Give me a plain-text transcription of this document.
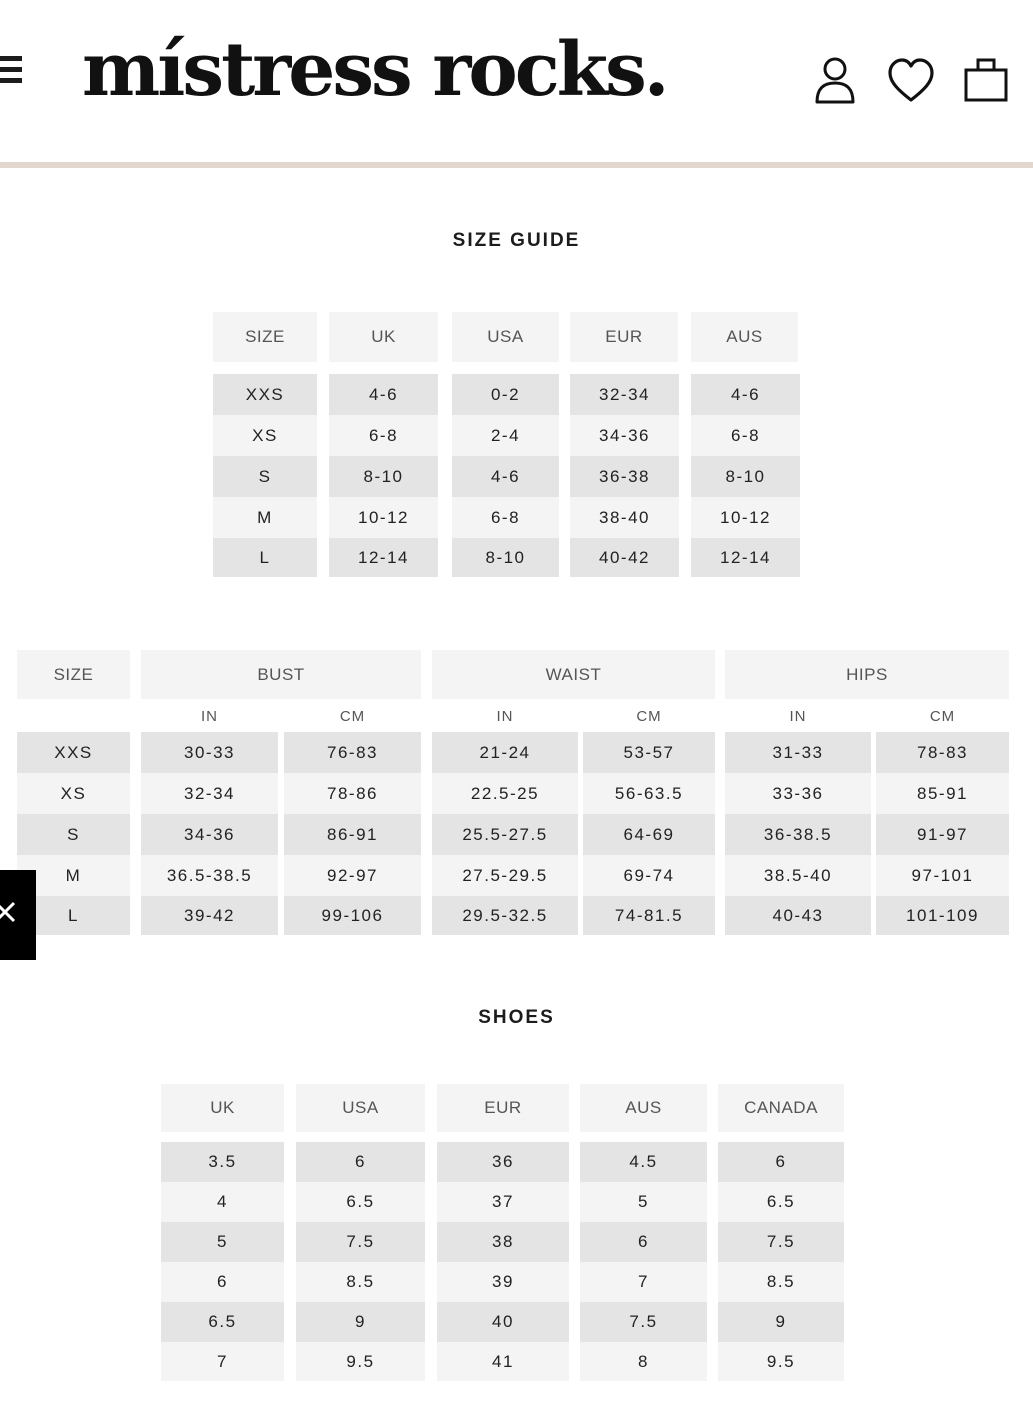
místress rocks.
SIZE GUIDE
SIZE	UK	USA	EUR	AUS
XXS	4-6	0-2	32-34	4-6
XS	6-8	2-4	34-36	6-8
S	8-10	4-6	36-38	8-10
M	10-12	6-8	38-40	10-12
L	12-14	8-10	40-42	12-14
SIZE	BUST	WAIST	HIPS
IN	CM	IN	CM	IN	CM
XXS	30-33	76-83	21-24	53-57	31-33	78-83
XS	32-34	78-86	22.5-25	56-63.5	33-36	85-91
S	34-36	86-91	25.5-27.5	64-69	36-38.5	91-97
M	36.5-38.5	92-97	27.5-29.5	69-74	38.5-40	97-101
L	39-42	99-106	29.5-32.5	74-81.5	40-43	101-109
SHOES
UK	USA	EUR	AUS	CANADA
3.5	6	36	4.5	6
4	6.5	37	5	6.5
5	7.5	38	6	7.5
6	8.5	39	7	8.5
6.5	9	40	7.5	9
7	9.5	41	8	9.5
